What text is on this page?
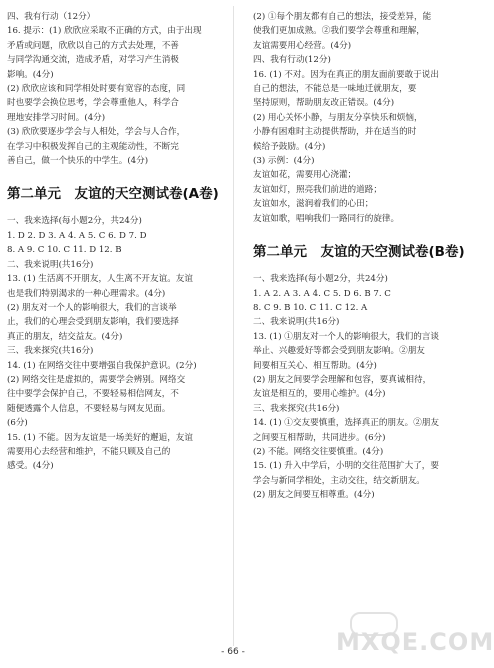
四、我有行动（12分）
16. 提示：(1) 欣欣应采取不正确的方式，由于出现
矛盾或问题，欣欣以自己的方式去处理，不善
与同学沟通交流，造成矛盾，对学习产生消极
影响。(4分)
(2) 欣欣应该和同学相处时要有宽容的态度，同
时也要学会换位思考，学会尊重他人，科学合
理地安排学习时间。(4分)
(3) 欣欣要逐步学会与人相处，学会与人合作，
在学习中积极发挥自己的主观能动性，不断完
善自己，做一个快乐的中学生。(4分)
第二单元　友谊的天空测试卷(A卷)
一、我来选择(每小题2分，共24分)
1. D 2. D 3. A 4. A 5. C 6. D 7. D
8. A 9. C 10. C 11. D 12. B
二、我来说明(共16分)
13. (1) 生活离不开朋友，人生离不开友谊。友谊
也是我们特别渴求的一种心理需求。(4分)
(2) 朋友对一个人的影响很大，我们的言谈举
止，我们的心理会受到朋友影响，我们要选择
真正的朋友，结交益友。(4分)
三、我来探究(共16分)
14. (1) 在网络交往中要增强自我保护意识。(2分)
(2) 网络交往是虚拟的，需要学会辨别。网络交
往中要学会保护自己，不要轻易相信网友，不
随便透露个人信息，不要轻易与网友见面。
(6分)
15. (1) 不能。因为友谊是一场美好的邂逅，友谊
需要用心去经营和维护，不能只顾及自己的
感受。(4分)
(2) ①每个朋友都有自己的想法，接受差异，能
使我们更加成熟。②我们要学会尊重和理解，
友谊需要用心经营。(4分)
四、我有行动(12分)
16. (1) 不对。因为在真正的朋友面前要敢于说出
自己的想法，不能总是一味地迁就朋友，要
坚持原则，帮助朋友改正错误。(4分)
(2) 用心关怀小静，与朋友分享快乐和烦恼，
小静有困难时主动提供帮助，并在适当的时
候给予鼓励。(4分)
(3) 示例：(4分)
友谊如花，需要用心浇灌；
友谊如灯，照亮我们前进的道路；
友谊如水，滋润着我们的心田；
友谊如歌，唱响我们一路同行的旋律。
第二单元　友谊的天空测试卷(B卷)
一、我来选择(每小题2分，共24分)
1. A 2. A 3. A 4. C 5. D 6. B 7. C
8. C 9. B 10. C 11. C 12. A
二、我来说明(共16分)
13. (1) ①朋友对一个人的影响很大，我们的言谈
举止、兴趣爱好等都会受到朋友影响。②朋友
间要相互关心、相互帮助。(4分)
(2) 朋友之间要学会理解和包容，要真诚相待，
友谊是相互的，要用心维护。(4分)
三、我来探究(共16分)
14. (1) ①交友要慎重，选择真正的朋友。②朋友
之间要互相帮助，共同进步。(6分)
(2) 不能。网络交往要慎重。(4分)
15. (1) 升入中学后，小明的交往范围扩大了，要
学会与新同学相处，主动交往，结交新朋友。
(2) 朋友之间要互相尊重。(4分)
- 66 -	MXQE.COM
